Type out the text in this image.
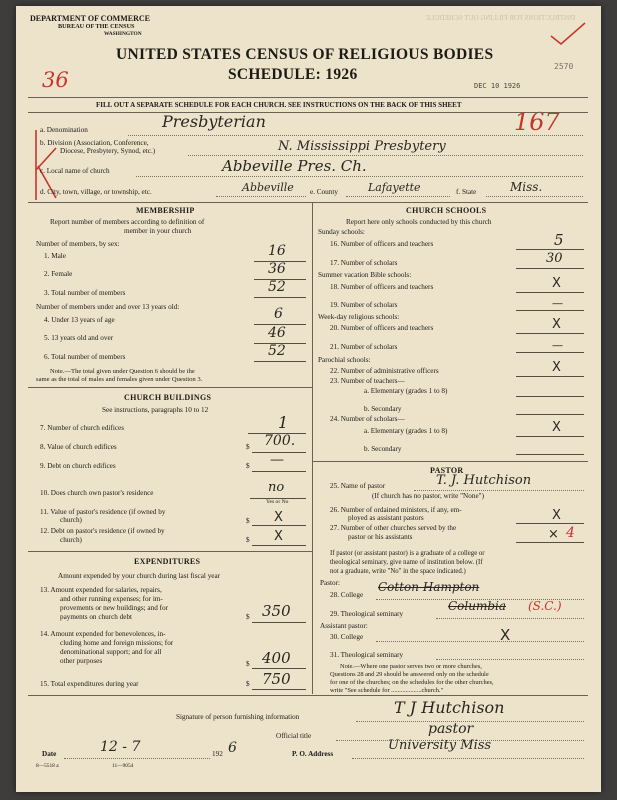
INSTRUCTIONS FOR FILLING OUT SCHEDULE
DEPARTMENT OF COMMERCE
BUREAU OF THE CENSUS
WASHINGTON
UNITED STATES CENSUS OF RELIGIOUS BODIES
SCHEDULE: 1926
DEC 10 1926
2570
36
167
FILL OUT A SEPARATE SCHEDULE FOR EACH CHURCH. SEE INSTRUCTIONS ON THE BACK OF THIS SHEET
a. Denomination	Presbyterian
b. Division (Association, Conference,
Diocese, Presbytery, Synod, etc.)	N. Mississippi Presbytery
c. Local name of church	Abbeville Pres. Ch.
d. City, town, village, or township, etc.	Abbeville e. County	Lafayette	f. State	Miss.
MEMBERSHIP
Report number of members according to definition of
member in your church
Number of members, by sex:
1. Male	16
2. Female	36
3. Total number of members	52
Number of members under and over 13 years old:
4. Under 13 years of age	6
5. 13 years old and over	46
6. Total number of members	52
Note.—The total given under Question 6 should be the
same as the total of males and females given under Question 3.
CHURCH BUILDINGS
See instructions, paragraphs 10 to 12
7. Number of church edifices	1
8. Value of church edifices	$ 700.
9. Debt on church edifices	$ —
10. Does church own pastor's residence	no
Yes or No
11. Value of pastor's residence (if owned by
church)	$ X
12. Debt on pastor's residence (if owned by
church)	$ X
EXPENDITURES
Amount expended by your church during last fiscal year
13. Amount expended for salaries, repairs,
and other running expenses; for im-
provements or new buildings; and for
payments on church debt	$ 350
14. Amount expended for benevolences, in-
cluding home and foreign missions; for
denominational support; and for all
other purposes	$ 400
15. Total expenditures during year	$ 750
CHURCH SCHOOLS
Report here only schools conducted by this church
Sunday schools:
16. Number of officers and teachers	5
17. Number of scholars	30
Summer vacation Bible schools:
18. Number of officers and teachers	X
19. Number of scholars	—
Week-day religious schools:
20. Number of officers and teachers	X
21. Number of scholars	—
Parochial schools:
22. Number of administrative officers	X
23. Number of teachers—
a. Elementary (grades 1 to 8)
b. Secondary
24. Number of scholars—
a. Elementary (grades 1 to 8)	X
b. Secondary
PASTOR
25. Name of pastor	T. J. Hutchison
(If church has no pastor, write "None")
26. Number of ordained ministers, if any, em-
ployed as assistant pastors	X
27. Number of other churches served by the
pastor or his assistants	× 4
If pastor (or assistant pastor) is a graduate of a college or
theological seminary, give name of institution below. (If
not a graduate, write "No" in the space indicated.)
Pastor:
28. College
Cotton Hampton
29. Theological seminary
Columbia (S.C.)
Assistant pastor:
30. College	X
31. Theological seminary
Note.—Where one pastor serves two or more churches,
Questions 28 and 29 should be answered only on the schedule
for one of the churches; on the schedules for the other churches,
write "See schedule for ...................church."
Signature of person furnishing information	T J Hutchison
Official title	pastor
Date	12 - 7	192 6	P. O. Address
University Miss
8—5518 a	11—9054
